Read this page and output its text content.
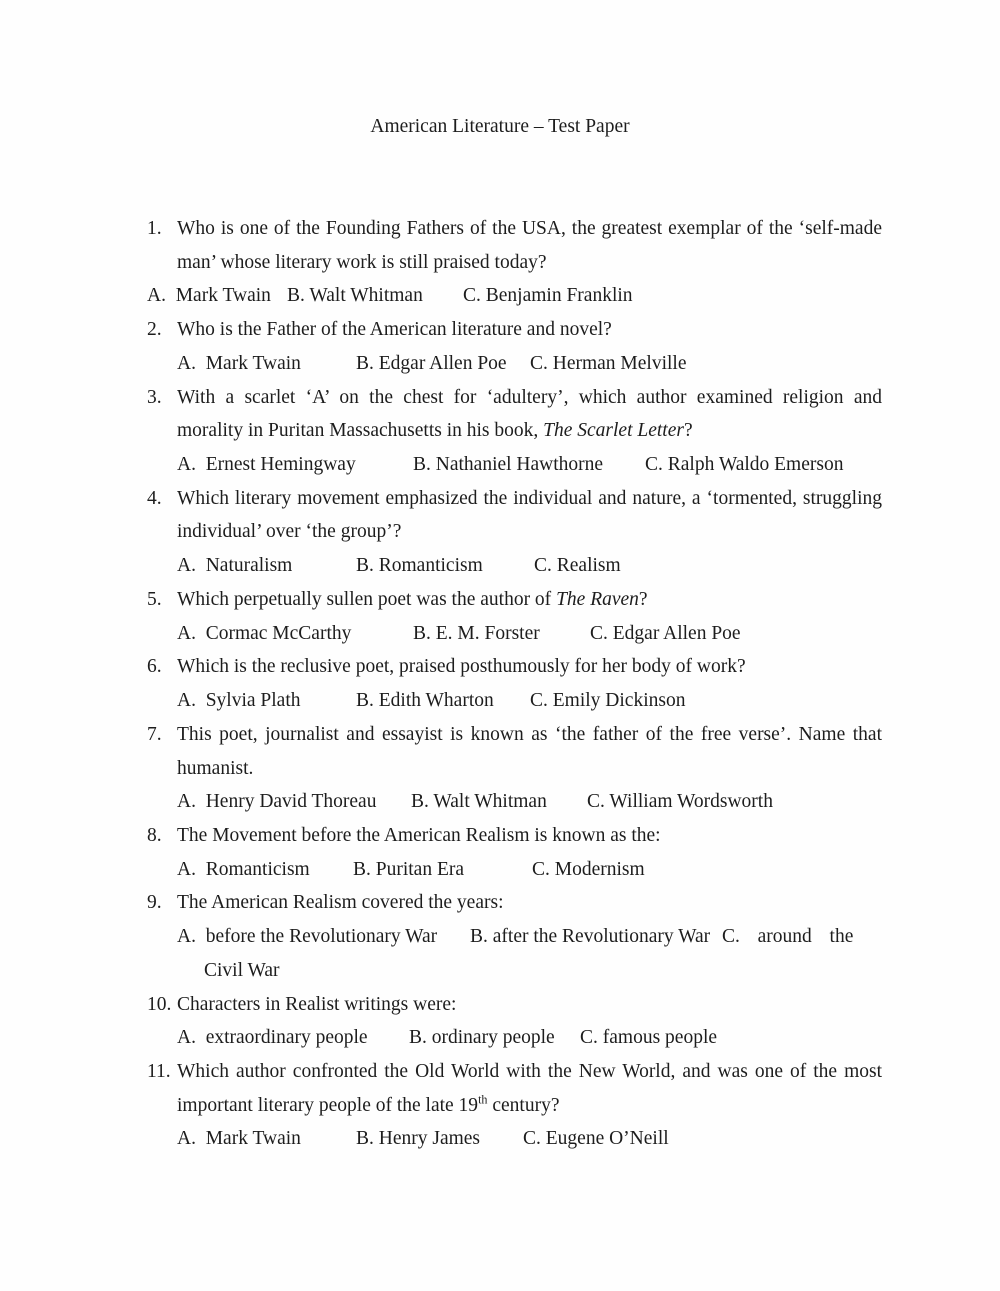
American Literature – Test Paper
1. Who is one of the Founding Fathers of the USA, the greatest exemplar of the ‘self-made
man’ whose literary work is still praised today?
A.  Mark Twain B. Walt Whitman C. Benjamin Franklin
2. Who is the Father of the American literature and novel?
A.  Mark Twain	B. Edgar Allen Poe C. Herman Melville
3. With a scarlet ‘A’ on the chest for ‘adultery’, which author examined religion and
morality in Puritan Massachusetts in his book, The Scarlet Letter?
A.  Ernest Hemingway	B. Nathaniel Hawthorne C. Ralph Waldo Emerson
4. Which literary movement emphasized the individual and nature, a ‘tormented, struggling
individual’ over ‘the group’?
A.  Naturalism	B. Romanticism	C. Realism
5. Which perpetually sullen poet was the author of The Raven?
A.  Cormac McCarthy	B. E. M. Forster	C. Edgar Allen Poe
6. Which is the reclusive poet, praised posthumously for her body of work?
A.  Sylvia Plath	B. Edith Wharton C. Emily Dickinson
7. This poet, journalist and essayist is known as ‘the father of the free verse’. Name that
humanist.
A.  Henry David Thoreau B. Walt Whitman C. William Wordsworth
8. The Movement before the American Realism is known as the:
A.  Romanticism B. Puritan Era	C. Modernism
9. The American Realism covered the years:
A.  before the Revolutionary War B. after the Revolutionary War C.  around  the
Civil War
10. Characters in Realist writings were:
A.  extraordinary people B. ordinary people C. famous people
11. Which author confronted the Old World with the New World, and was one of the most
important literary people of the late 19th century?
A.  Mark Twain	B. Henry James C. Eugene O’Neill
